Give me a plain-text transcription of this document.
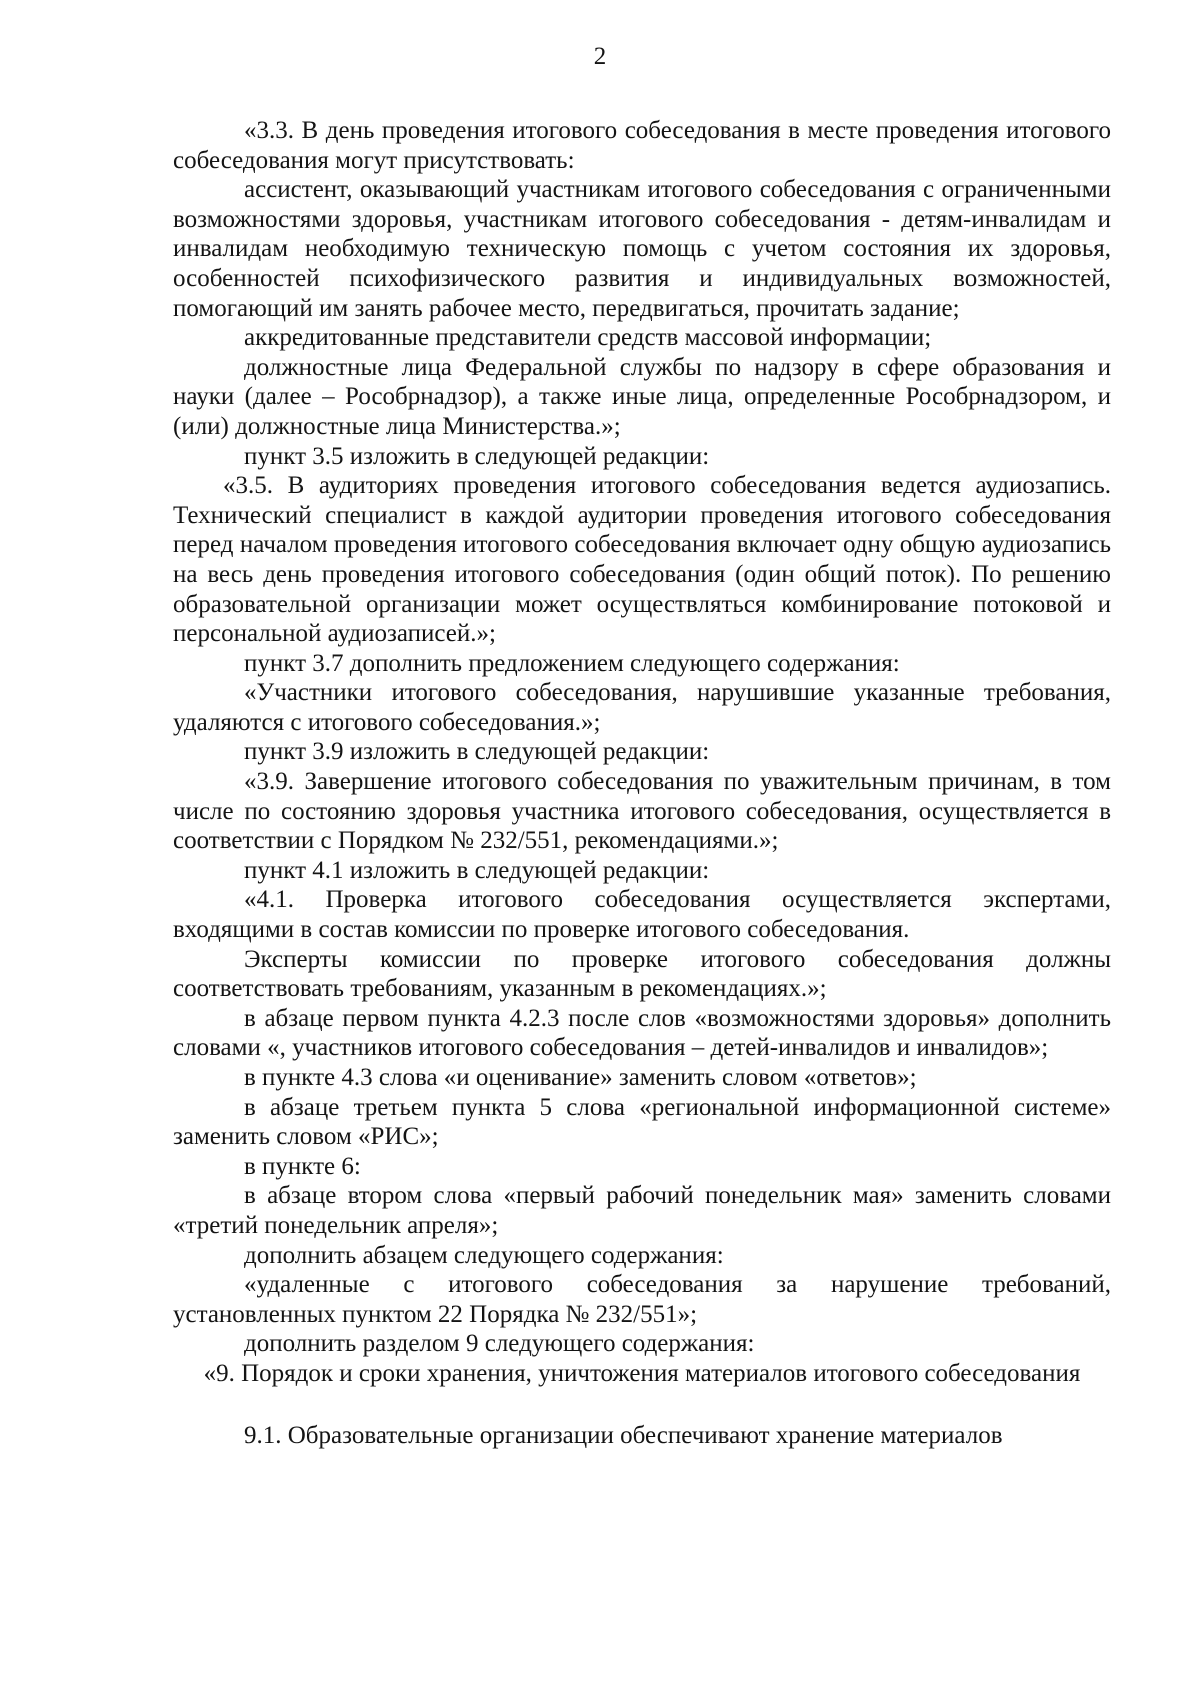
2

«3.3. В день проведения итогового собеседования в месте проведения итогового собеседования могут присутствовать:

ассистент, оказывающий участникам итогового собеседования с ограниченными возможностями здоровья, участникам итогового собеседования - детям-инвалидам и инвалидам необходимую техническую помощь с учетом состояния их здоровья, особенностей психофизического развития и индивидуальных возможностей, помогающий им занять рабочее место, передвигаться, прочитать задание;

аккредитованные представители средств массовой информации;

должностные лица Федеральной службы по надзору в сфере образования и науки (далее – Рособрнадзор), а также иные лица, определенные Рособрнадзором, и (или) должностные лица Министерства.»;

пункт 3.5 изложить в следующей редакции:

«3.5. В аудиториях проведения итогового собеседования ведется аудиозапись. Технический специалист в каждой аудитории проведения итогового собеседования перед началом проведения итогового собеседования включает одну общую аудиозапись на весь день проведения итогового собеседования (один общий поток). По решению образовательной организации может осуществляться комбинирование потоковой и персональной аудиозаписей.»;

пункт 3.7 дополнить предложением следующего содержания:

«Участники итогового собеседования, нарушившие указанные требования, удаляются с итогового собеседования.»;

пункт 3.9 изложить в следующей редакции:

«3.9. Завершение итогового собеседования по уважительным причинам, в том числе по состоянию здоровья участника итогового собеседования, осуществляется в соответствии с Порядком № 232/551, рекомендациями.»;

пункт 4.1 изложить в следующей редакции:

«4.1. Проверка итогового собеседования осуществляется экспертами, входящими в состав комиссии по проверке итогового собеседования.

Эксперты комиссии по проверке итогового собеседования должны соответствовать требованиям, указанным в рекомендациях.»;

в абзаце первом пункта 4.2.3 после слов «возможностями здоровья» дополнить словами «, участников итогового собеседования – детей-инвалидов и инвалидов»;

в пункте 4.3 слова «и оценивание» заменить словом «ответов»;

в абзаце третьем пункта 5 слова «региональной информационной системе» заменить словом «РИС»;

в пункте 6:

в абзаце втором слова «первый рабочий понедельник мая» заменить словами «третий понедельник апреля»;

дополнить абзацем следующего содержания:

«удаленные с итогового собеседования за нарушение требований, установленных пунктом 22 Порядка № 232/551»;

дополнить разделом 9 следующего содержания:

«9. Порядок и сроки хранения, уничтожения материалов итогового собеседования

9.1. Образовательные организации обеспечивают хранение материалов
